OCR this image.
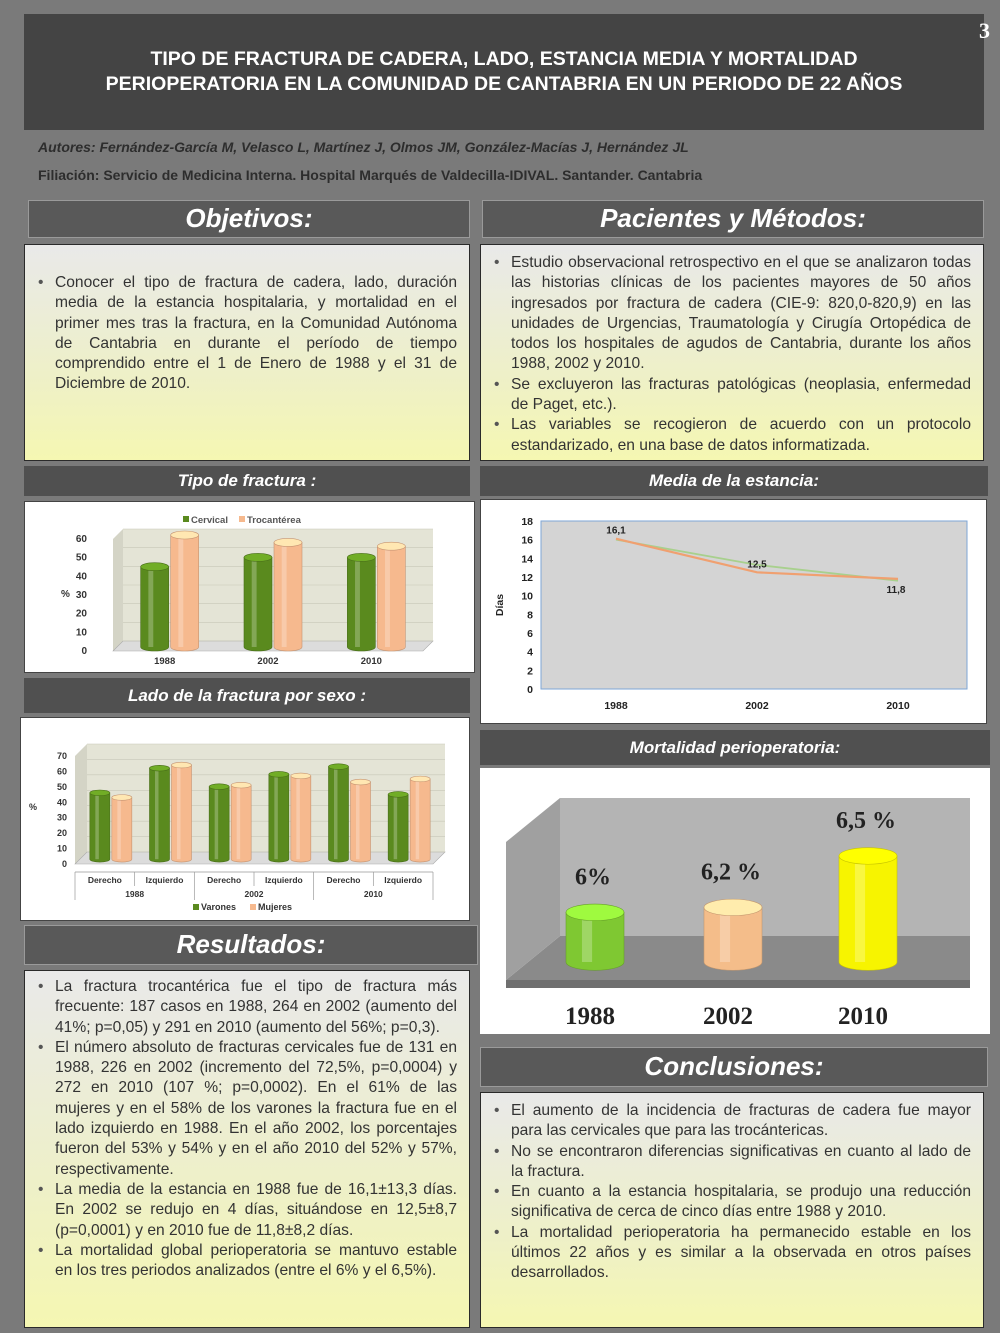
TIPO DE FRACTURA DE CADERA, LADO, ESTANCIA MEDIA Y MORTALIDAD
PERIOPERATORIA EN LA COMUNIDAD DE CANTABRIA EN UN PERIODO DE 22 AÑOS
3
Autores: Fernández-García M, Velasco L, Martínez J, Olmos JM, González-Macías J, Hernández JL
Filiación: Servicio de Medicina Interna. Hospital Marqués de Valdecilla-IDIVAL. Santander. Cantabria
Objetivos:
• Conocer el tipo de fractura de cadera, lado, duración media de la estancia hospitalaria, y mortalidad en el primer mes tras la fractura, en la Comunidad Autónoma de Cantabria en durante el período de tiempo comprendido entre el 1 de Enero de 1988 y el 31 de Diciembre de 2010.
Pacientes y Métodos:
• Estudio observacional retrospectivo en el que se analizaron todas las historias clínicas de los pacientes mayores de 50 años ingresados por fractura de cadera (CIE-9: 820,0-820,9) en las unidades de Urgencias, Traumatología y Cirugía Ortopédica de todos los hospitales de agudos de Cantabria, durante los años 1988, 2002 y 2010.
• Se excluyeron las fracturas patológicas (neoplasia, enfermedad de Paget, etc.).
• Las variables se recogieron de acuerdo con un protocolo estandarizado, en una base de datos informatizada.
Tipo de fractura :
0
10
20
30
40
50
60
%
1988	2002	2010
Cervical Trocantérea
Lado de la fractura por sexo :
0
10
20
30
40
50
60
70
%
Derecho	Izquierdo	Derecho	Izquierdo	Derecho	Izquierdo
1988	2002	2010
Varones Mujeres
Media de la estancia:
0
2
4
6
8
10
12
14
16
18
Días
1988	2002	2010
16,1
12,5
11,8
Mortalidad perioperatoria:
6%
1988
6,2 %
2002
6,5 %
2010
Resultados:
• La fractura trocantérica fue el tipo de fractura más frecuente: 187 casos en 1988, 264 en 2002 (aumento del 41%; p=0,05) y 291 en 2010 (aumento del 56%; p=0,3).
• El número absoluto de fracturas cervicales fue de 131 en 1988, 226 en 2002 (incremento del 72,5%, p=0,0004) y 272 en 2010 (107 %; p=0,0002). En el 61% de las mujeres y en el 58% de los varones la fractura fue en el lado izquierdo en 1988. En el año 2002, los porcentajes fueron del 53% y 54% y en el año 2010 del 52% y 57%, respectivamente.
• La media de la estancia en 1988 fue de 16,1±13,3 días. En 2002 se redujo en 4 días, situándose en 12,5±8,7 (p=0,0001) y en 2010 fue de 11,8±8,2 días.
• La mortalidad global perioperatoria se mantuvo estable en los tres periodos analizados (entre el 6% y el 6,5%).
Conclusiones:
• El aumento de la incidencia de fracturas de cadera fue mayor para las cervicales que para las trocántericas.
• No se encontraron diferencias significativas en cuanto al lado de la fractura.
• En cuanto a la estancia hospitalaria, se produjo una reducción significativa de cerca de cinco días entre 1988 y 2010.
• La mortalidad perioperatoria ha permanecido estable en los últimos 22 años y es similar a la observada en otros países desarrollados.
